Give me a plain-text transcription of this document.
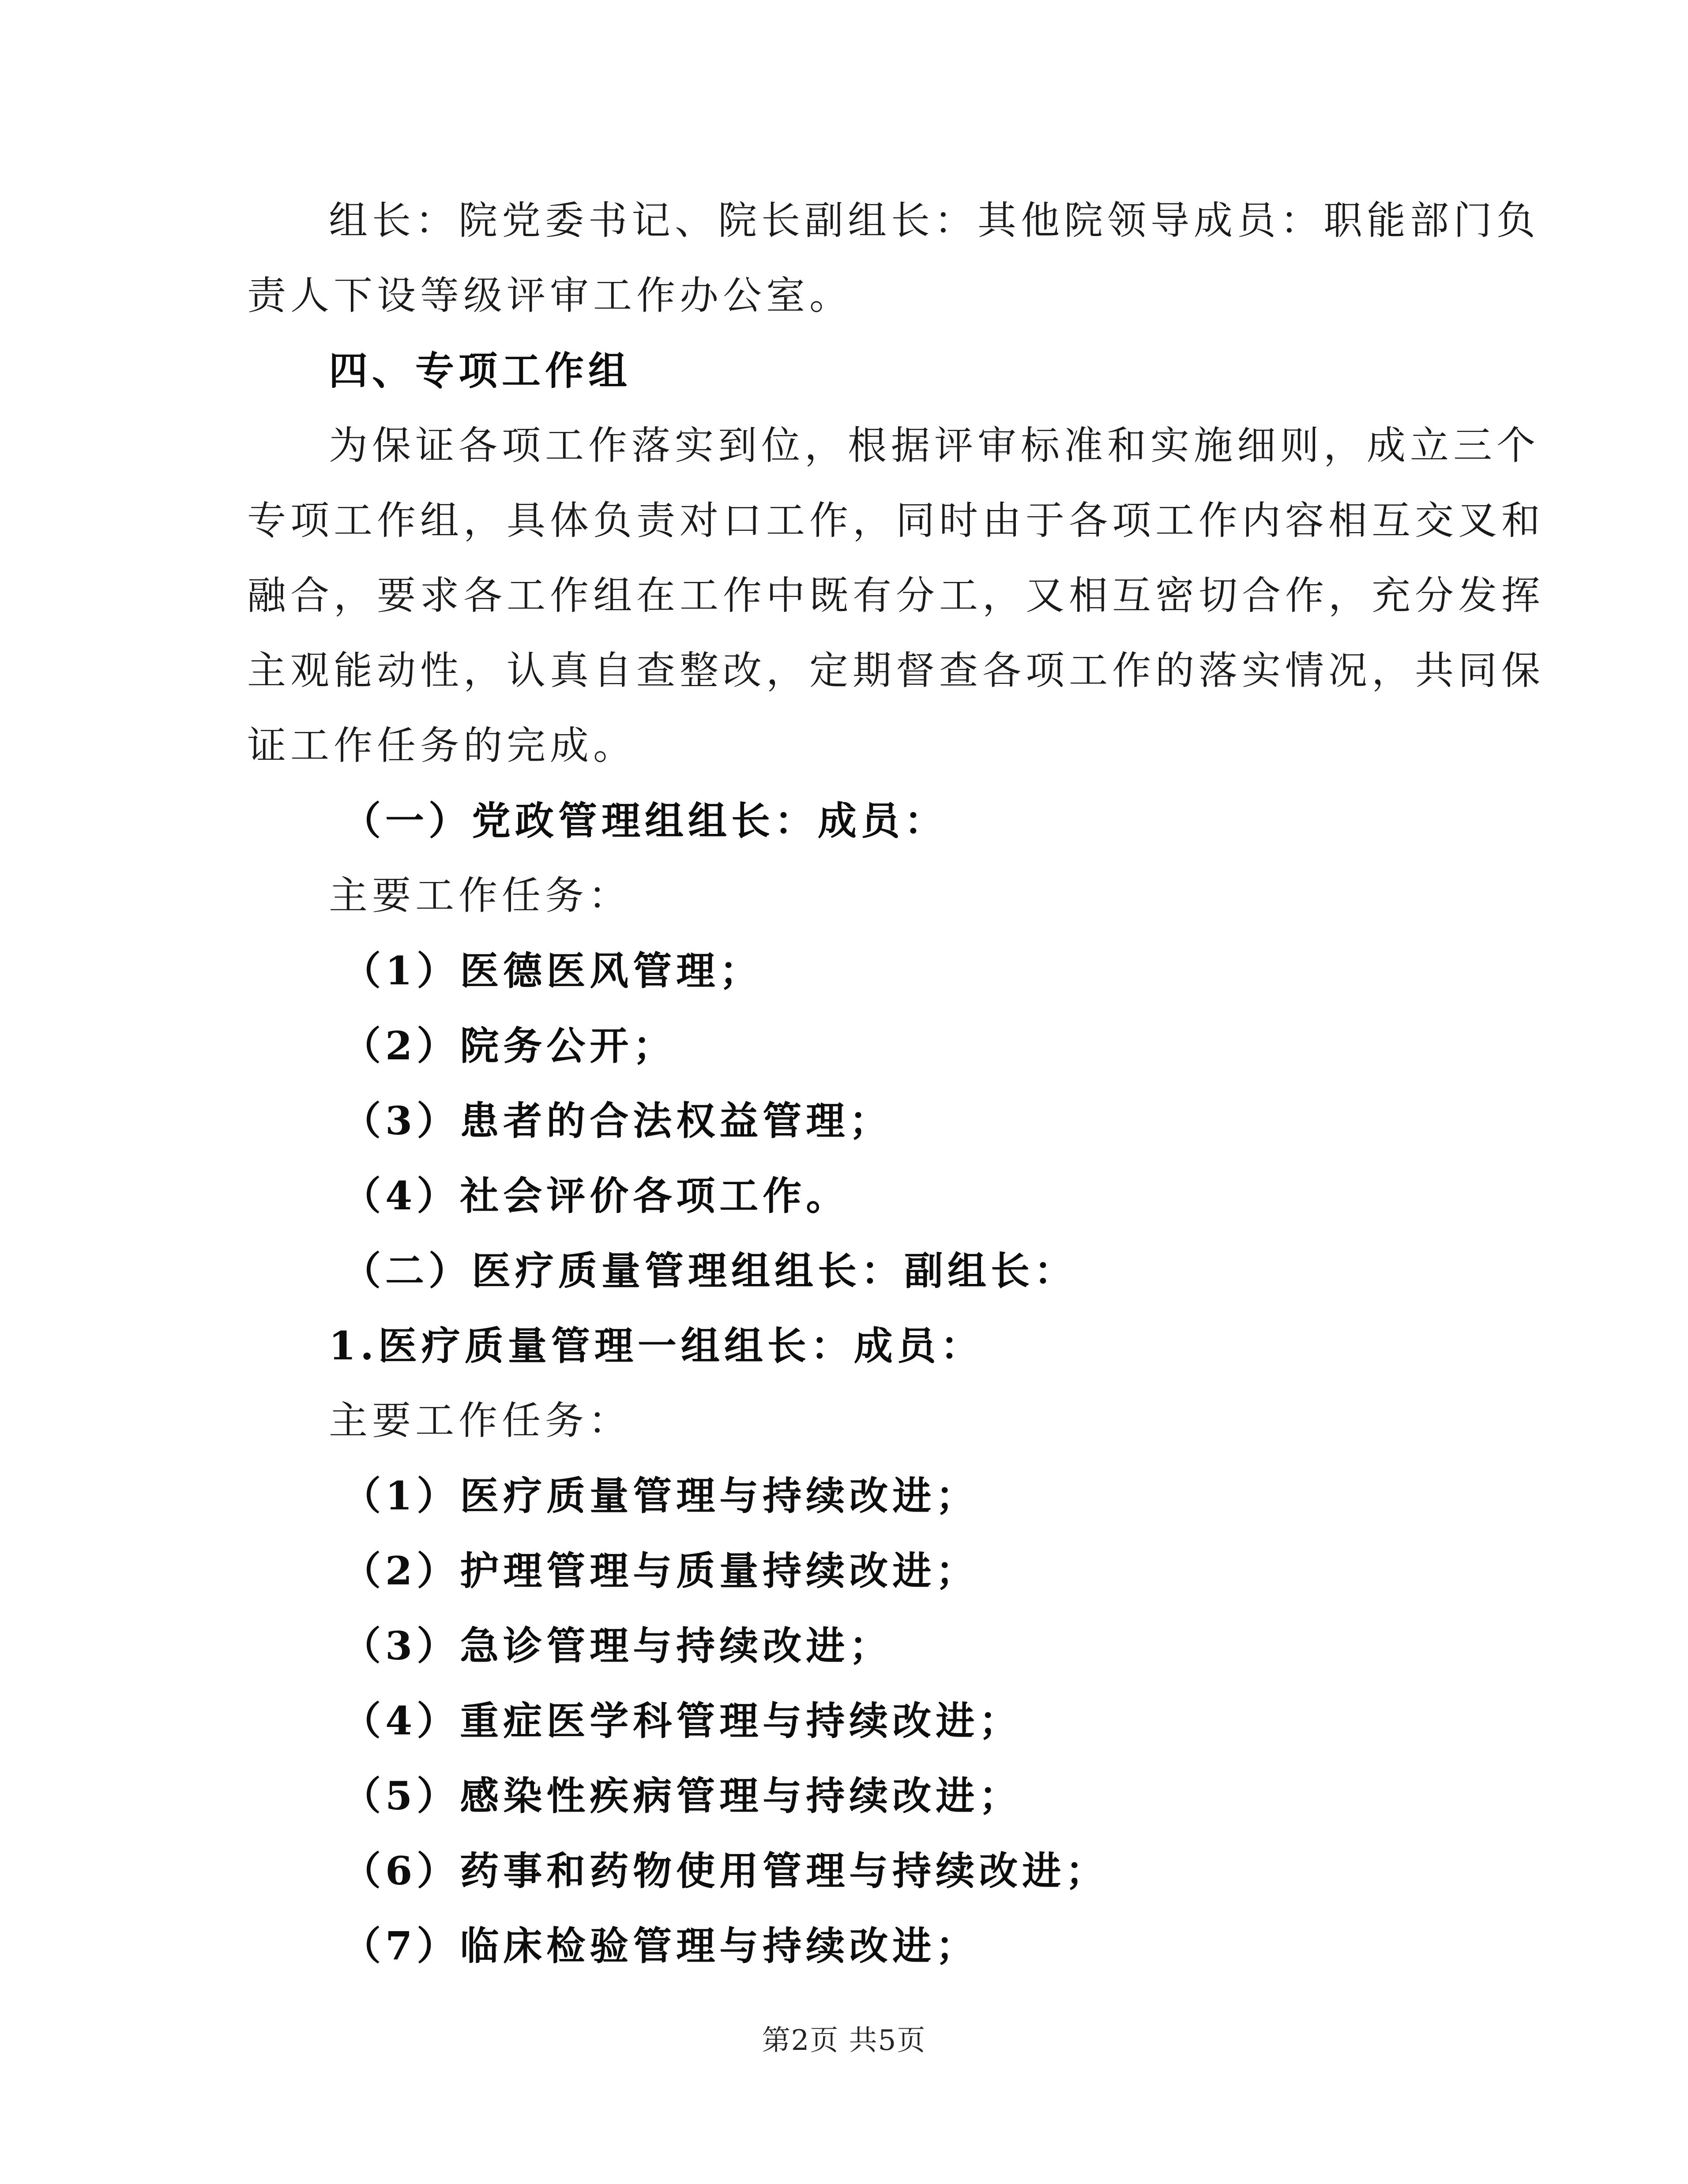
组长：院党委书记、院长副组长：其他院领导成员：职能部门负
责人下设等级评审工作办公室。
四、专项工作组
为保证各项工作落实到位，根据评审标准和实施细则，成立三个
专项工作组，具体负责对口工作，同时由于各项工作内容相互交叉和
融合，要求各工作组在工作中既有分工，又相互密切合作，充分发挥
主观能动性，认真自查整改，定期督查各项工作的落实情况，共同保
证工作任务的完成。
（一）党政管理组组长：成员：
主要工作任务：
（1）医德医风管理；
（2）院务公开；
（3）患者的合法权益管理；
（4）社会评价各项工作。
（二）医疗质量管理组组长：副组长：
1.医疗质量管理一组组长：成员：
主要工作任务：
（1）医疗质量管理与持续改进；
（2）护理管理与质量持续改进；
（3）急诊管理与持续改进；
（4）重症医学科管理与持续改进；
（5）感染性疾病管理与持续改进；
（6）药事和药物使用管理与持续改进；
（7）临床检验管理与持续改进；
第2页 共5页
